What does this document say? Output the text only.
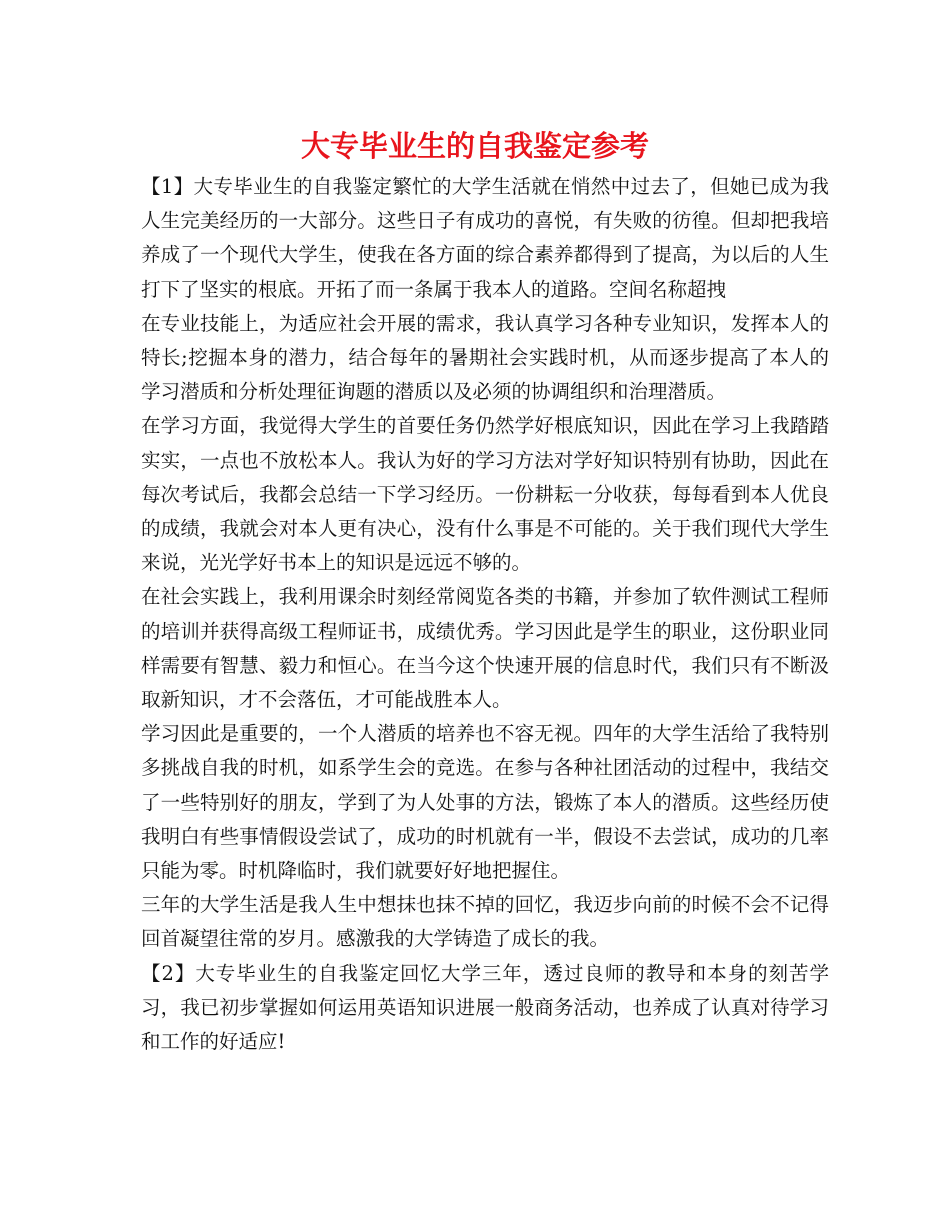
大专毕业生的自我鉴定参考

【1】大专毕业生的自我鉴定繁忙的大学生活就在悄然中过去了，但她已成为我人生完美经历的一大部分。这些日子有成功的喜悦，有失败的彷徨。但却把我培养成了一个现代大学生，使我在各方面的综合素养都得到了提高，为以后的人生打下了坚实的根底。开拓了而一条属于我本人的道路。空间名称超拽

在专业技能上，为适应社会开展的需求，我认真学习各种专业知识，发挥本人的特长;挖掘本身的潜力，结合每年的暑期社会实践时机，从而逐步提高了本人的学习潜质和分析处理征询题的潜质以及必须的协调组织和治理潜质。

在学习方面，我觉得大学生的首要任务仍然学好根底知识，因此在学习上我踏踏实实，一点也不放松本人。我认为好的学习方法对学好知识特别有协助，因此在每次考试后，我都会总结一下学习经历。一份耕耘一分收获，每每看到本人优良的成绩，我就会对本人更有决心，没有什么事是不可能的。关于我们现代大学生来说，光光学好书本上的知识是远远不够的。

在社会实践上，我利用课余时刻经常阅览各类的书籍，并参加了软件测试工程师的培训并获得高级工程师证书，成绩优秀。学习因此是学生的职业，这份职业同样需要有智慧、毅力和恒心。在当今这个快速开展的信息时代，我们只有不断汲取新知识，才不会落伍，才可能战胜本人。

学习因此是重要的，一个人潜质的培养也不容无视。四年的大学生活给了我特别多挑战自我的时机，如系学生会的竞选。在参与各种社团活动的过程中，我结交了一些特别好的朋友，学到了为人处事的方法，锻炼了本人的潜质。这些经历使我明白有些事情假设尝试了，成功的时机就有一半，假设不去尝试，成功的几率只能为零。时机降临时，我们就要好好地把握住。

三年的大学生活是我人生中想抹也抹不掉的回忆，我迈步向前的时候不会不记得回首凝望往常的岁月。感激我的大学铸造了成长的我。

【2】大专毕业生的自我鉴定回忆大学三年，透过良师的教导和本身的刻苦学习，我已初步掌握如何运用英语知识进展一般商务活动，也养成了认真对待学习和工作的好适应!
